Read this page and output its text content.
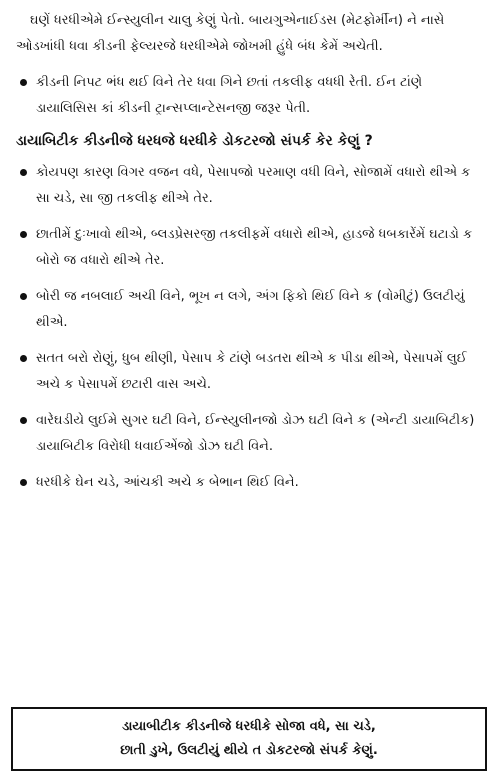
ઘણેં ધરધીએમે ઈન્સ્યુલીન ચાલુ કેણું પેતો. બાયગુએનાઈડસ (મેટફોર્મીન) ને નાસે ઓડખાંધી ધવા કીડની ફેલ્યરજે ધરધીએમે જોખમી હુંધે બંધ કેમેં અચેતી.

કીડની નિપટ ભંધ થઈ વિને તેર ધવા ગિને છતાં તકલીફ વધધી રેતી. ઈન ટાંણે ડાયાલિસિસ કાં કીડની ટ્રાન્સપ્લાન્ટેસનજી જરૂર પેતી.
ડાયાબિટીક કીડનીજે ધરધજે ધરધીકે ડોકટરજો સંપર્ક કેર કેણું ?
કોયપણ કારણ વિગર વજન વધે, પેસાપજો પરમાણ વધી વિને, સોજામેં વધારો થીએ ક સા ચડે, સા જી તકલીફ થીએ તેર.
છાતીમેં દુઃખાવો થીએ, બ્લડપ્રેસરજી તકલીફમેં વધારો થીએ, હાડજે ધબકારેંમેં ઘટાડો ક બોરો જ વધારો થીએ તેર.
બોરી જ નબલાઈ અચી વિને, ભૂખ ન લગે, અંગ ફિકો થિઈ વિને ક (વોમીટું) ઉલટીયું થીએ.
સતત બરો રોણું, ધુબ થીણી, પેસાપ કે ટાંણે બડતરા થીએ ક પીડા થીએ, પેસાપમેં લુઈ અચે ક પેસાપમેં છટારી વાસ અચે.
વારેઘડીયે લુઈમે સુગર ઘટી વિને, ઈન્સ્યુલીનજો ડોઝ ઘટી વિને ક (એન્ટી ડાયાબિટીક) ડાયાબિટીક વિરોધી ધવાઈએંજો ડોઝ ઘટી વિને.
ધરધીકે ઘેન ચડે, આંચકી અચે ક બેભાન થિઈ વિને.
ડાયાબીટીક કીડનીજે ધરધીકે સોજા વધે, સા ચડે,
છાતી ડુખે, ઉલટીયું થીયે ત ડોકટરજો સંપર્ક કેણું.
